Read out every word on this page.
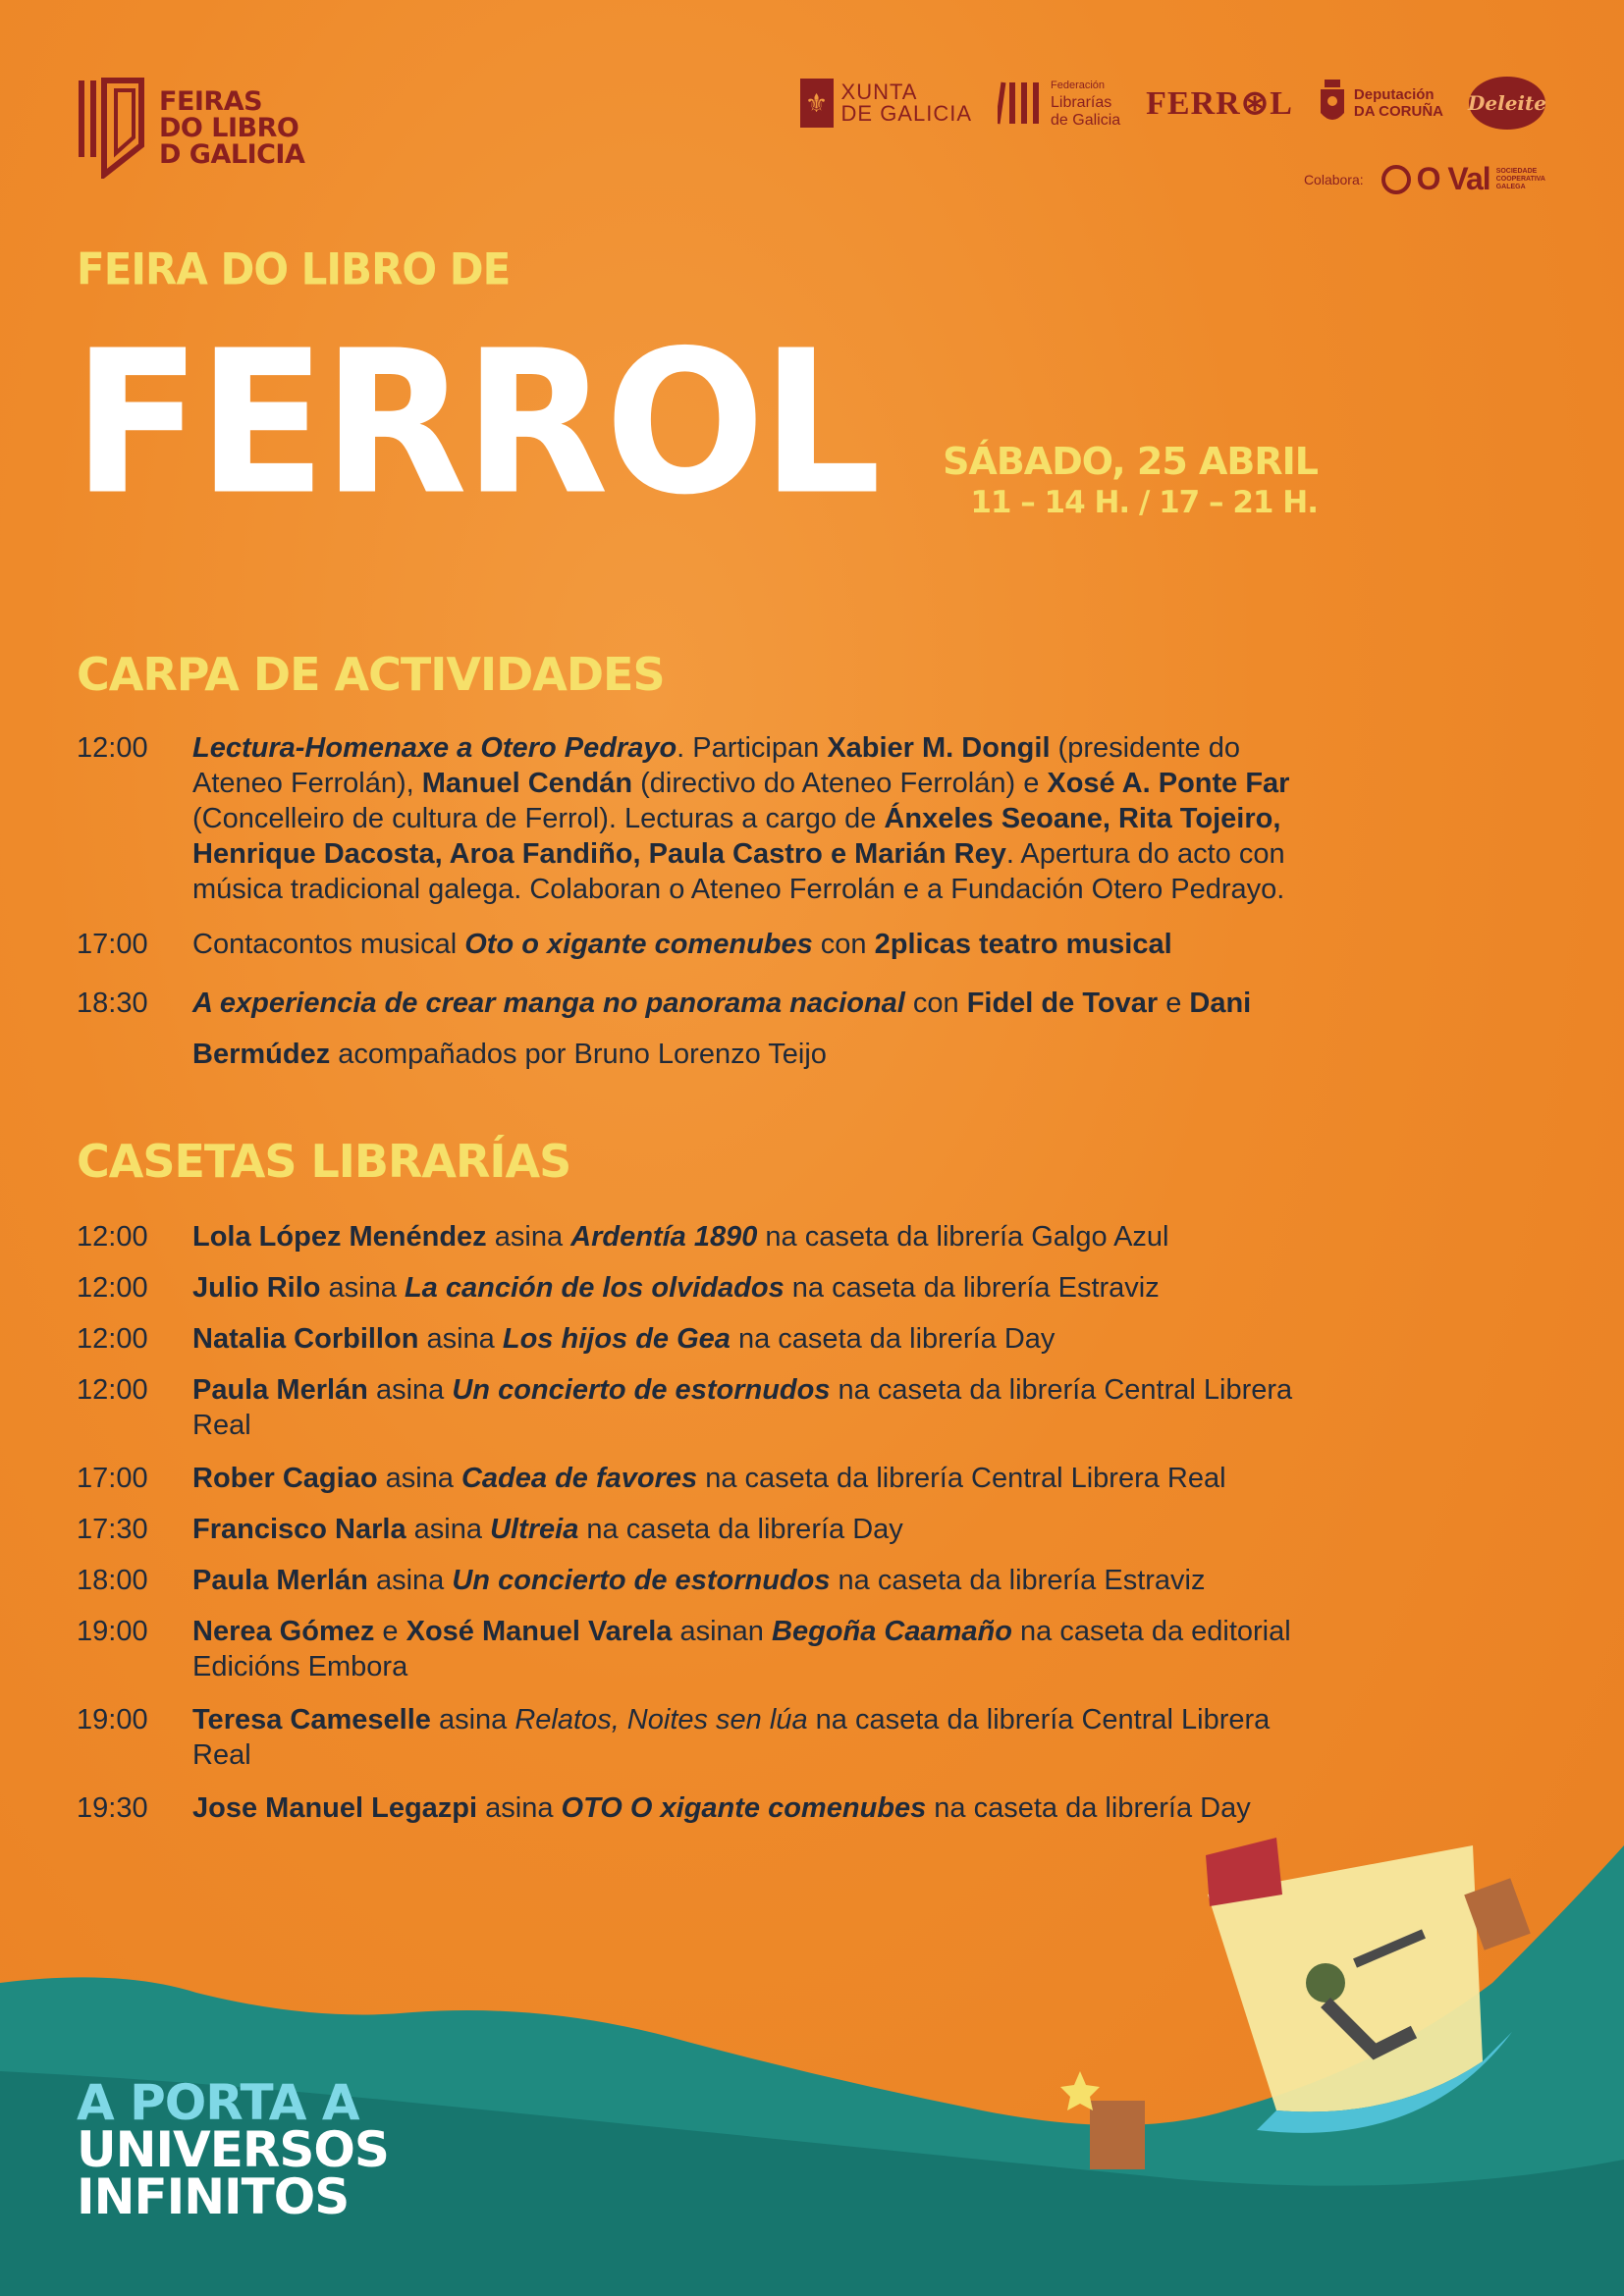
FEIRAS
DO LIBRO
D GALICIA
⚜ XUNTA
DE GALICIA
Federación
Librarías
de Galicia FERR⊛L	Deputación
DA CORUÑA Deleite
Colabora: O Val SOCIEDADE
COOPERATIVA
GALEGA
FEIRA DO LIBRO DE
FERROL SÁBADO, 25 ABRIL
11 – 14 H. / 17 – 21 H.
CARPA DE ACTIVIDADES
CASETAS LIBRARÍAS
12:00	Lectura-Homenaxe a Otero Pedrayo. Participan Xabier M. Dongil (presidente do Ateneo Ferrolán), Manuel Cendán (directivo do Ateneo Ferrolán) e Xosé A. Ponte Far (Concelleiro de cultura de Ferrol). Lecturas a cargo de Ánxeles Seoane, Rita Tojeiro, Henrique Dacosta, Aroa Fandiño, Paula Castro e Marián Rey. Apertura do acto con música tradicional galega. Colaboran o Ateneo Ferrolán e a Fundación Otero Pedrayo.
17:00	Contacontos musical Oto o xigante comenubes con 2plicas teatro musical
18:30	A experiencia de crear manga no panorama nacional con Fidel de Tovar e Dani Bermúdez acompañados por Bruno Lorenzo Teijo
12:00	Lola López Menéndez asina Ardentía 1890 na caseta da librería Galgo Azul
12:00	Julio Rilo asina La canción de los olvidados na caseta da librería Estraviz
12:00	Natalia Corbillon asina Los hijos de Gea na caseta da librería Day
12:00	Paula Merlán asina Un concierto de estornudos na caseta da librería Central Librera Real
17:00	Rober Cagiao asina Cadea de favores na caseta da librería Central Librera Real
17:30	Francisco Narla asina Ultreia na caseta da librería Day
18:00	Paula Merlán asina Un concierto de estornudos na caseta da librería Estraviz
19:00	Nerea Gómez e Xosé Manuel Varela asinan Begoña Caamaño na caseta da editorial Edicións Embora
19:00	Teresa Cameselle asina Relatos, Noites sen lúa na caseta da librería Central Librera Real
19:30	Jose Manuel Legazpi asina OTO O xigante comenubes na caseta da librería Day
A PORTA A
UNIVERSOS
INFINITOS
